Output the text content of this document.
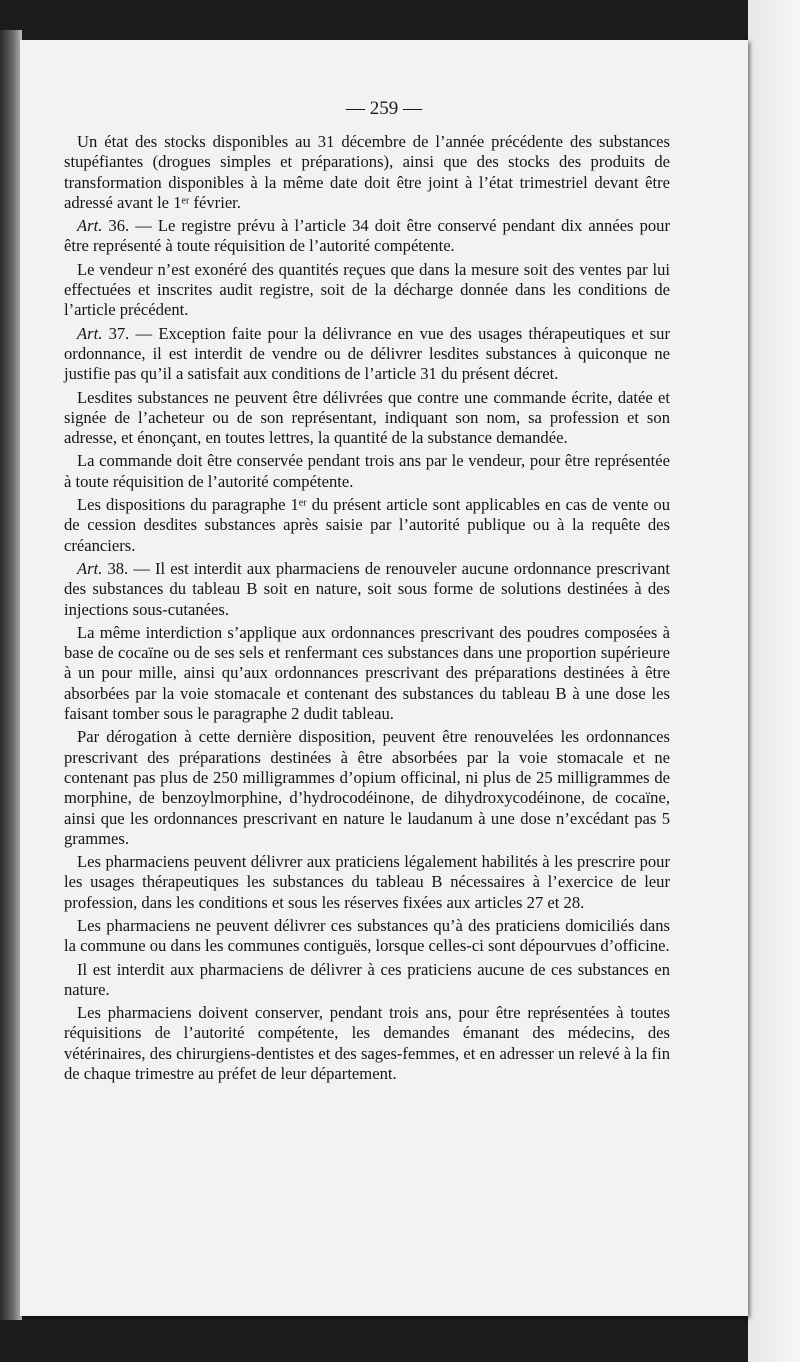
— 259 —

Un état des stocks disponibles au 31 décembre de l’année précédente des substances stupéfiantes (drogues simples et préparations), ainsi que des stocks des produits de transformation disponibles à la même date doit être joint à l’état trimestriel devant être adressé avant le 1ᵉʳ février.

Art. 36. — Le registre prévu à l’article 34 doit être conservé pendant dix années pour être représenté à toute réquisition de l’autorité compétente.

Le vendeur n’est exonéré des quantités reçues que dans la mesure soit des ventes par lui effectuées et inscrites audit registre, soit de la décharge donnée dans les conditions de l’article précédent.

Art. 37. — Exception faite pour la délivrance en vue des usages thérapeutiques et sur ordonnance, il est interdit de vendre ou de délivrer lesdites substances à quiconque ne justifie pas qu’il a satisfait aux conditions de l’article 31 du présent décret.

Lesdites substances ne peuvent être délivrées que contre une commande écrite, datée et signée de l’acheteur ou de son représentant, indiquant son nom, sa profession et son adresse, et énonçant, en toutes lettres, la quantité de la substance demandée.

La commande doit être conservée pendant trois ans par le vendeur, pour être représentée à toute réquisition de l’autorité compétente.

Les dispositions du paragraphe 1ᵉʳ du présent article sont applicables en cas de vente ou de cession desdites substances après saisie par l’autorité publique ou à la requête des créanciers.

Art. 38. — Il est interdit aux pharmaciens de renouveler aucune ordonnance prescrivant des substances du tableau B soit en nature, soit sous forme de solutions destinées à des injections sous-cutanées.

La même interdiction s’applique aux ordonnances prescrivant des poudres composées à base de cocaïne ou de ses sels et renfermant ces substances dans une proportion supérieure à un pour mille, ainsi qu’aux ordonnances prescrivant des préparations destinées à être absorbées par la voie stomacale et contenant des substances du tableau B à une dose les faisant tomber sous le paragraphe 2 dudit tableau.

Par dérogation à cette dernière disposition, peuvent être renouvelées les ordonnances prescrivant des préparations destinées à être absorbées par la voie stomacale et ne contenant pas plus de 250 milligrammes d’opium officinal, ni plus de 25 milligrammes de morphine, de benzoylmorphine, d’hydrocodéinone, de dihydroxycodéinone, de cocaïne, ainsi que les ordonnances prescrivant en nature le laudanum à une dose n’excédant pas 5 grammes.

Les pharmaciens peuvent délivrer aux praticiens légalement habilités à les prescrire pour les usages thérapeutiques les substances du tableau B nécessaires à l’exercice de leur profession, dans les conditions et sous les réserves fixées aux articles 27 et 28.

Les pharmaciens ne peuvent délivrer ces substances qu’à des praticiens domiciliés dans la commune ou dans les communes contiguës, lorsque celles-ci sont dépourvues d’officine.

Il est interdit aux pharmaciens de délivrer à ces praticiens aucune de ces substances en nature.

Les pharmaciens doivent conserver, pendant trois ans, pour être représentées à toutes réquisitions de l’autorité compétente, les demandes émanant des médecins, des vétérinaires, des chirurgiens-dentistes et des sages-femmes, et en adresser un relevé à la fin de chaque trimestre au préfet de leur département.
